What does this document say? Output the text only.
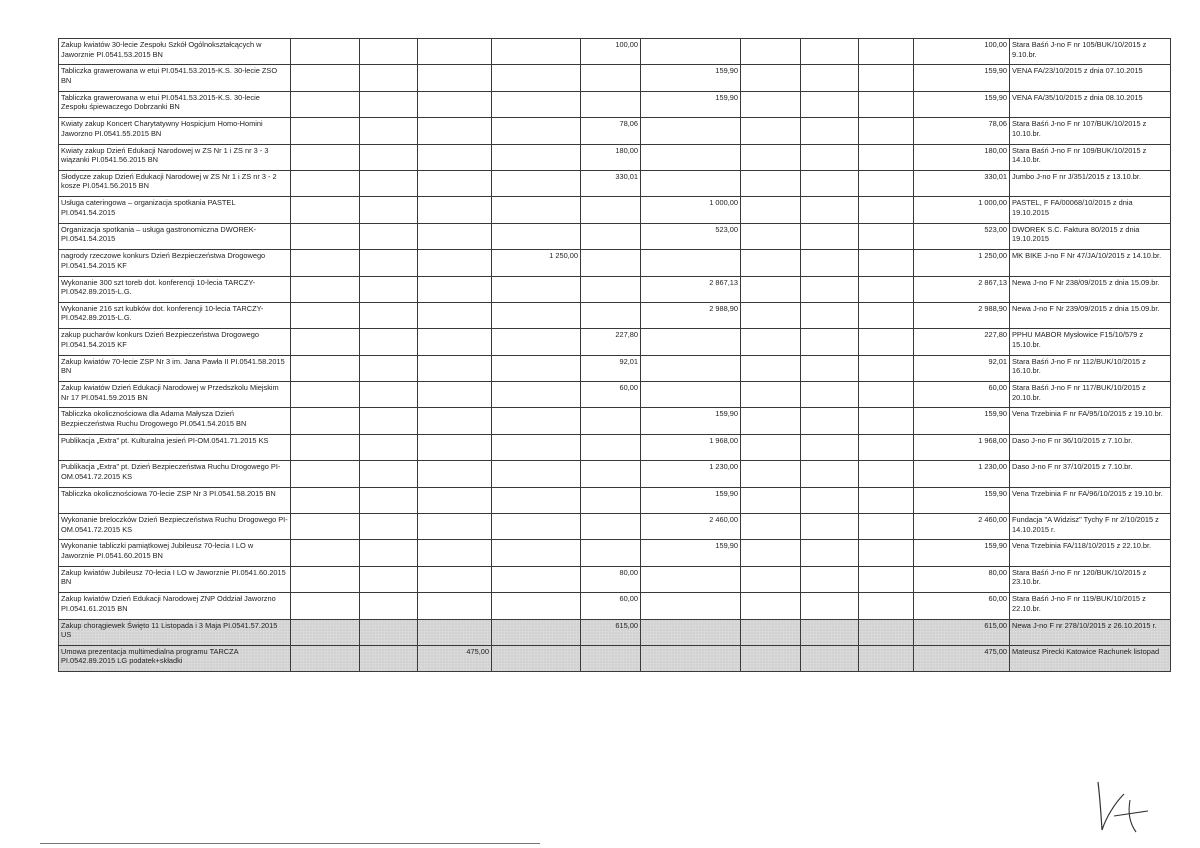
Zakup kwiatów 30-lecie Zespołu Szkół Ogólnokształcących w Jaworznie PI.0541.53.2015 BN					100,00					100,00	Stara Baśń J-no F nr 105/BUK/10/2015 z 9.10.br.
Tabliczka grawerowana w etui PI.0541.53.2015-K.S. 30-lecie ZSO BN						159,90				159,90	VENA FA/23/10/2015 z dnia 07.10.2015
Tabliczka grawerowana w etui PI.0541.53.2015-K.S. 30-lecie Zespołu śpiewaczego Dobrzanki BN						159,90				159,90	VENA FA/35/10/2015 z dnia 08.10.2015
Kwiaty zakup Koncert Charytatywny Hospicjum Homo-Homini Jaworzno PI.0541.55.2015 BN					78,06					78,06	Stara Baśń J-no F nr 107/BUK/10/2015 z 10.10.br.
Kwiaty zakup Dzień Edukacji Narodowej w ZS Nr 1 i ZS nr 3 - 3 wiązanki PI.0541.56.2015 BN					180,00					180,00	Stara Baśń J-no F nr 109/BUK/10/2015 z 14.10.br.
Słodycze zakup Dzień Edukacji Narodowej w ZS Nr 1 i ZS nr 3 - 2 kosze PI.0541.56.2015 BN					330,01					330,01	Jumbo J-no F nr J/351/2015 z 13.10.br.
Usługa cateringowa – organizacja spotkania PASTEL PI.0541.54.2015						1 000,00				1 000,00	PASTEL, F FA/00068/10/2015 z dnia 19.10.2015
Organizacja spotkania – usługa gastronomiczna DWOREK-PI.0541.54.2015						523,00				523,00	DWOREK S.C. Faktura 80/2015 z dnia 19.10.2015
nagrody rzeczowe konkurs Dzień Bezpieczeństwa Drogowego PI.0541.54.2015 KF				1 250,00						1 250,00	MK BIKE J-no F Nr 47/JA/10/2015 z 14.10.br.
Wykonanie 300 szt toreb dot. konferencji 10-lecia TARCZY-PI.0542.89.2015-L.G.						2 867,13				2 867,13	Newa J-no F Nr 238/09/2015 z dnia 15.09.br.
Wykonanie 216 szt kubków dot. konferencji 10-lecia TARCZY-PI.0542.89.2015-L.G.						2 988,90				2 988,90	Newa J-no F Nr 239/09/2015 z dnia 15.09.br.
zakup pucharów konkurs Dzień Bezpieczeństwa Drogowego PI.0541.54.2015 KF					227,80					227,80	PPHU MABOR Mysłowice F15/10/579 z 15.10.br.
Zakup kwiatów 70-lecie ZSP Nr 3 im. Jana Pawła II PI.0541.58.2015 BN					92,01					92,01	Stara Baśń J-no F nr 112/BUK/10/2015 z 16.10.br.
Zakup kwiatów Dzień Edukacji Narodowej w Przedszkolu Miejskim Nr 17 PI.0541.59.2015 BN					60,00					60,00	Stara Baśń J-no F nr 117/BUK/10/2015 z 20.10.br.
Tabliczka okolicznościowa dla Adama Małysza Dzień Bezpieczeństwa Ruchu Drogowego PI.0541.54.2015 BN						159,90				159,90	Vena Trzebinia F nr FA/95/10/2015 z 19.10.br.
Publikacja „Extra” pt. Kulturalna jesień PI-OM.0541.71.2015 KS						1 968,00				1 968,00	Daso J-no F nr 36/10/2015 z 7.10.br.
Publikacja „Extra” pt. Dzień Bezpieczeństwa Ruchu Drogowego PI-OM.0541.72.2015 KS						1 230,00				1 230,00	Daso J-no F nr 37/10/2015 z 7.10.br.
Tabliczka okolicznościowa 70-lecie ZSP Nr 3 PI.0541.58.2015 BN						159,90				159,90	Vena Trzebinia F nr FA/96/10/2015 z 19.10.br.
Wykonanie breloczków Dzień Bezpieczeństwa Ruchu Drogowego PI-OM.0541.72.2015 KS						2 460,00				2 460,00	Fundacja "A Widzisz" Tychy F nr 2/10/2015 z 14.10.2015 r.
Wykonanie tabliczki pamiątkowej Jubileusz 70-lecia I LO w Jaworznie PI.0541.60.2015 BN						159,90				159,90	Vena Trzebinia FA/118/10/2015 z 22.10.br.
Zakup kwiatów Jubileusz 70-lecia I LO w Jaworznie PI.0541.60.2015 BN					80,00					80,00	Stara Baśń J-no F nr 120/BUK/10/2015 z 23.10.br.
Zakup kwiatów Dzień Edukacji Narodowej ZNP Oddział Jaworzno PI.0541.61.2015 BN					60,00					60,00	Stara Baśń J-no F nr 119/BUK/10/2015 z 22.10.br.
Zakup chorągiewek Święto 11 Listopada i 3 Maja PI.0541.57.2015 US					615,00					615,00	Newa J-no F nr 278/10/2015 z 26.10.2015 r.
Umowa prezentacja multimedialna programu TARCZA PI.0542.89.2015 LG podatek+składki			475,00							475,00	Mateusz Pirecki Katowice Rachunek listopad
